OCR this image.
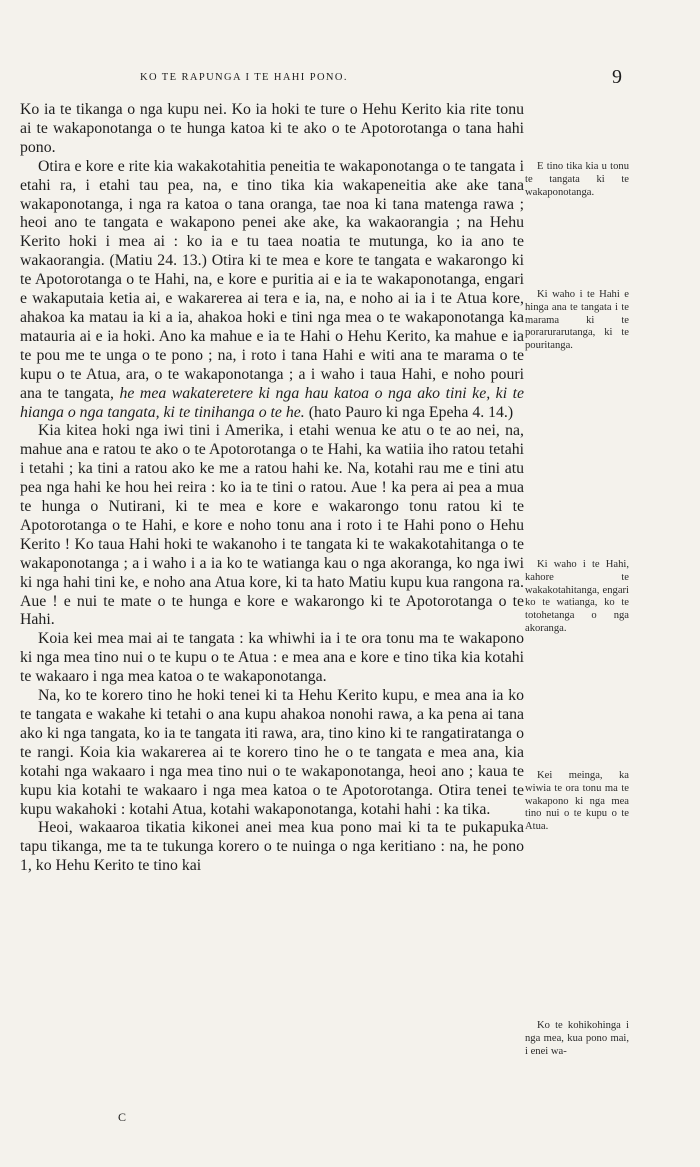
KO TE RAPUNGA I TE HAHI PONO.	9

Ko ia te tikanga o nga kupu nei. Ko ia hoki te ture o Hehu Kerito kia rite tonu ai te wakaponotanga o te hunga katoa ki te ako o te Apotorotanga o tana hahi pono.

Otira e kore e rite kia wakakotahitia peneitia te wakaponotanga o te tangata i etahi ra, i etahi tau pea, na, e tino tika kia wakapeneitia ake ake tana wakaponotanga, i nga ra katoa o tana oranga, tae noa ki tana matenga rawa ; heoi ano te tangata e wakapono penei ake ake, ka wakaorangia ; na Hehu Kerito hoki i mea ai : ko ia e tu taea noatia te mutunga, ko ia ano te wakaorangia. (Matiu 24. 13.) Otira ki te mea e kore te tangata e wakarongo ki te Apotorotanga o te Hahi, na, e kore e puritia ai e ia te wakaponotanga, engari e wakaputaia ketia ai, e wakarerea ai tera e ia, na, e noho ai ia i te Atua kore, ahakoa ka matau ia ki a ia, ahakoa hoki e tini nga mea o te wakaponotanga ka matauria ai e ia hoki. Ano ka mahue e ia te Hahi o Hehu Kerito, ka mahue e ia te pou me te unga o te pono ; na, i roto i tana Hahi e witi ana te marama o te kupu o te Atua, ara, o te wakaponotanga ; a i waho i taua Hahi, e noho pouri ana te tangata, he mea wakateretere ki nga hau katoa o nga ako tini ke, ki te hianga o nga tangata, ki te tinihanga o te he. (hato Pauro ki nga Epeha 4. 14.)

Kia kitea hoki nga iwi tini i Amerika, i etahi wenua ke atu o te ao nei, na, mahue ana e ratou te ako o te Apotorotanga o te Hahi, ka watiia iho ratou tetahi i tetahi ; ka tini a ratou ako ke me a ratou hahi ke. Na, kotahi rau me e tini atu pea nga hahi ke hou hei reira : ko ia te tini o ratou. Aue ! ka pera ai pea a mua te hunga o Nutirani, ki te mea e kore e wakarongo tonu ratou ki te Apotorotanga o te Hahi, e kore e noho tonu ana i roto i te Hahi pono o Hehu Kerito ! Ko taua Hahi hoki te wakanoho i te tangata ki te wakakotahitanga o te wakaponotanga ; a i waho i a ia ko te watianga kau o nga akoranga, ko nga iwi ki nga hahi tini ke, e noho ana Atua kore, ki ta hato Matiu kupu kua rangona ra. Aue ! e nui te mate o te hunga e kore e wakarongo ki te Apotorotanga o te Hahi.

Koia kei mea mai ai te tangata : ka whiwhi ia i te ora tonu ma te wakapono ki nga mea tino nui o te kupu o te Atua : e mea ana e kore e tino tika kia kotahi te wakaaro i nga mea katoa o te wakaponotanga.

Na, ko te korero tino he hoki tenei ki ta Hehu Kerito kupu, e mea ana ia ko te tangata e wakahe ki tetahi o ana kupu ahakoa nonohi rawa, a ka pena ai tana ako ki nga tangata, ko ia te tangata iti rawa, ara, tino kino ki te rangatiratanga o te rangi. Koia kia wakarerea ai te korero tino he o te tangata e mea ana, kia kotahi nga wakaaro i nga mea tino nui o te wakaponotanga, heoi ano ; kaua te kupu kia kotahi te wakaaro i nga mea katoa o te Apotorotanga. Otira tenei te kupu wakahoki : kotahi Atua, kotahi wakaponotanga, kotahi hahi : ka tika.

Heoi, wakaaroa tikatia kikonei anei mea kua pono mai ki ta te pukapuka tapu tikanga, me ta te tukunga korero o te nuinga o nga keritiano : na, he pono 1, ko Hehu Kerito te tino kai

E tino tika kia u tonu te tangata ki te wakaponotanga.
Ki waho i te Hahi e hinga ana te tangata i te marama ki te porarurarutanga, ki te pouritanga.
Ki waho i te Hahi, kahore te wakakotahitanga, engari ko te watianga, ko te totohetanga o nga akoranga.
Kei meinga, ka wiwia te ora tonu ma te wakapono ki nga mea tino nui o te kupu o te Atua.
Ko te kohikohinga i nga mea, kua pono mai, i enei wa-
C
